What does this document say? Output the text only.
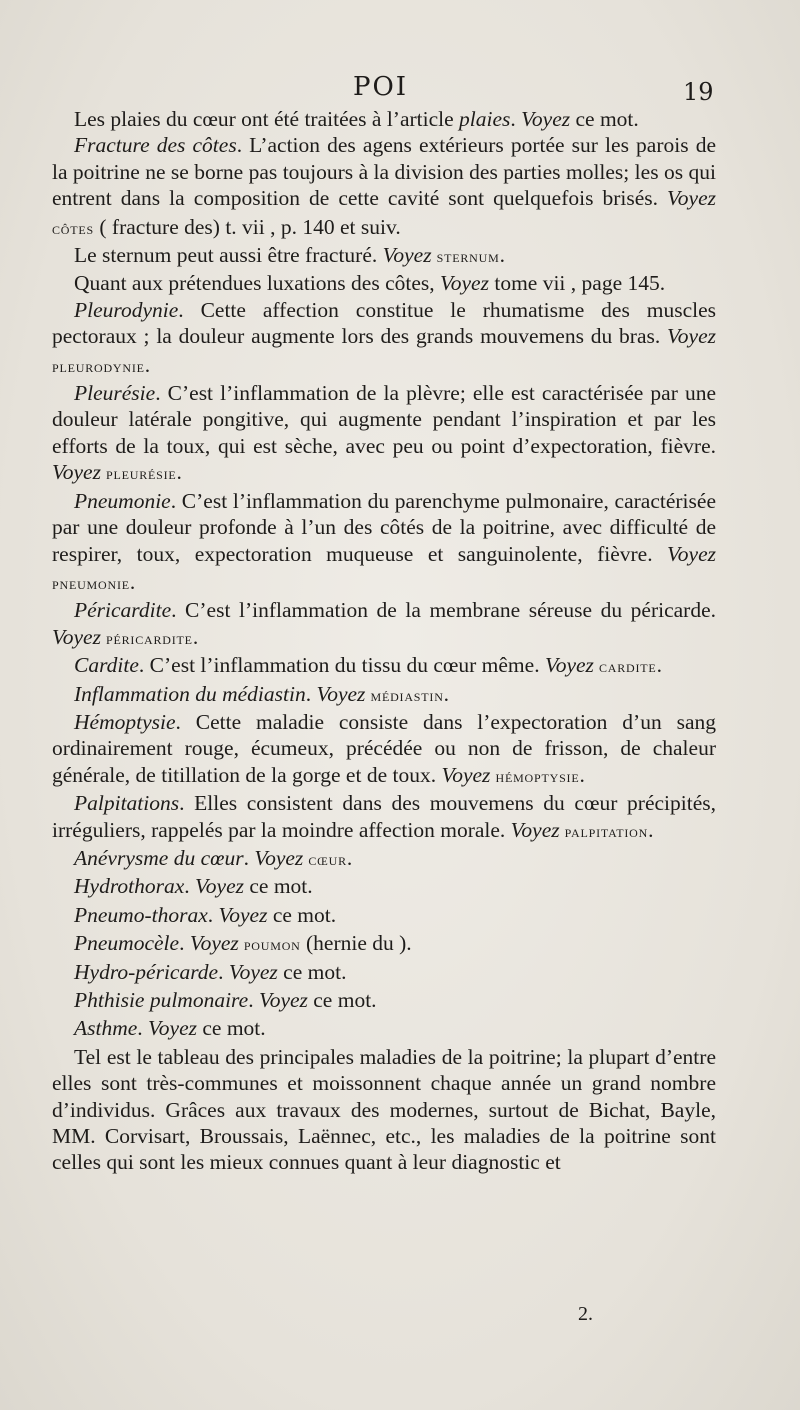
POI	19

Les plaies du cœur ont été traitées à l’article plaies. Voyez ce mot.

Fracture des côtes. L’action des agens extérieurs portée sur les parois de la poitrine ne se borne pas toujours à la division des parties molles; les os qui entrent dans la composition de cette cavité sont quelquefois brisés. Voyez côtes ( fracture des) t. vii , p. 140 et suiv.

Le sternum peut aussi être fracturé. Voyez sternum.

Quant aux prétendues luxations des côtes, Voyez tome vii , page 145.

Pleurodynie. Cette affection constitue le rhumatisme des muscles pectoraux ; la douleur augmente lors des grands mouvemens du bras. Voyez pleurodynie.

Pleurésie. C’est l’inflammation de la plèvre; elle est caractérisée par une douleur latérale pongitive, qui augmente pendant l’inspiration et par les efforts de la toux, qui est sèche, avec peu ou point d’expectoration, fièvre. Voyez pleurésie.

Pneumonie. C’est l’inflammation du parenchyme pulmonaire, caractérisée par une douleur profonde à l’un des côtés de la poitrine, avec difficulté de respirer, toux, expectoration muqueuse et sanguinolente, fièvre. Voyez pneumonie.

Péricardite. C’est l’inflammation de la membrane séreuse du péricarde. Voyez péricardite.

Cardite. C’est l’inflammation du tissu du cœur même. Voyez cardite.

Inflammation du médiastin. Voyez médiastin.

Hémoptysie. Cette maladie consiste dans l’expectoration d’un sang ordinairement rouge, écumeux, précédée ou non de frisson, de chaleur générale, de titillation de la gorge et de toux. Voyez hémoptysie.

Palpitations. Elles consistent dans des mouvemens du cœur précipités, irréguliers, rappelés par la moindre affection morale. Voyez palpitation.

Anévrysme du cœur. Voyez cœur.

Hydrothorax. Voyez ce mot.

Pneumo-thorax. Voyez ce mot.

Pneumocèle. Voyez poumon (hernie du ).

Hydro-péricarde. Voyez ce mot.

Phthisie pulmonaire. Voyez ce mot.

Asthme. Voyez ce mot.

Tel est le tableau des principales maladies de la poitrine; la plupart d’entre elles sont très-communes et moissonnent chaque année un grand nombre d’individus. Grâces aux travaux des modernes, surtout de Bichat, Bayle, MM. Corvisart, Broussais, Laënnec, etc., les maladies de la poitrine sont celles qui sont les mieux connues quant à leur diagnostic et

2.
